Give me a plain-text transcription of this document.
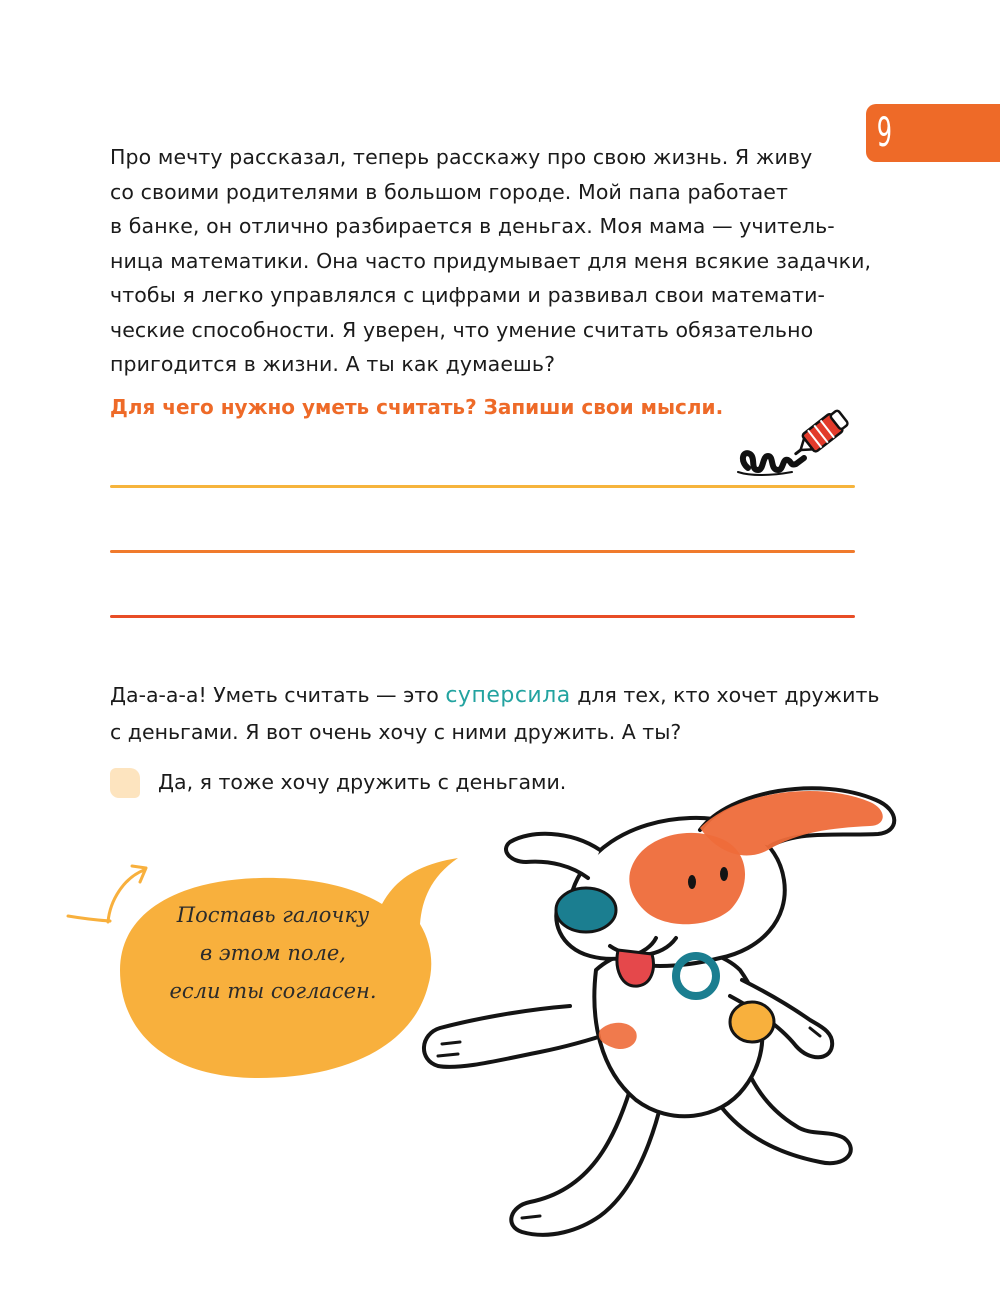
9

Про мечту рассказал, теперь расскажу про свою жизнь. Я живу
со своими родителями в большом городе. Мой папа работает
в банке, он отлично разбирается в деньгах. Моя мама — учитель-
ница математики. Она часто придумывает для меня всякие задачки,
чтобы я легко управлялся с цифрами и развивал свои математи-
ческие способности. Я уверен, что умение считать обязательно
пригодится в жизни. А ты как думаешь?

Для чего нужно уметь считать? Запиши свои мысли.

Да-а-а-а! Уметь считать — это суперсила для тех, кто хочет дружить
с деньгами. Я вот очень хочу с ними дружить. А ты?

Да, я тоже хочу дружить с деньгами.

Поставь галочку
в этом поле,
если ты согласен.
